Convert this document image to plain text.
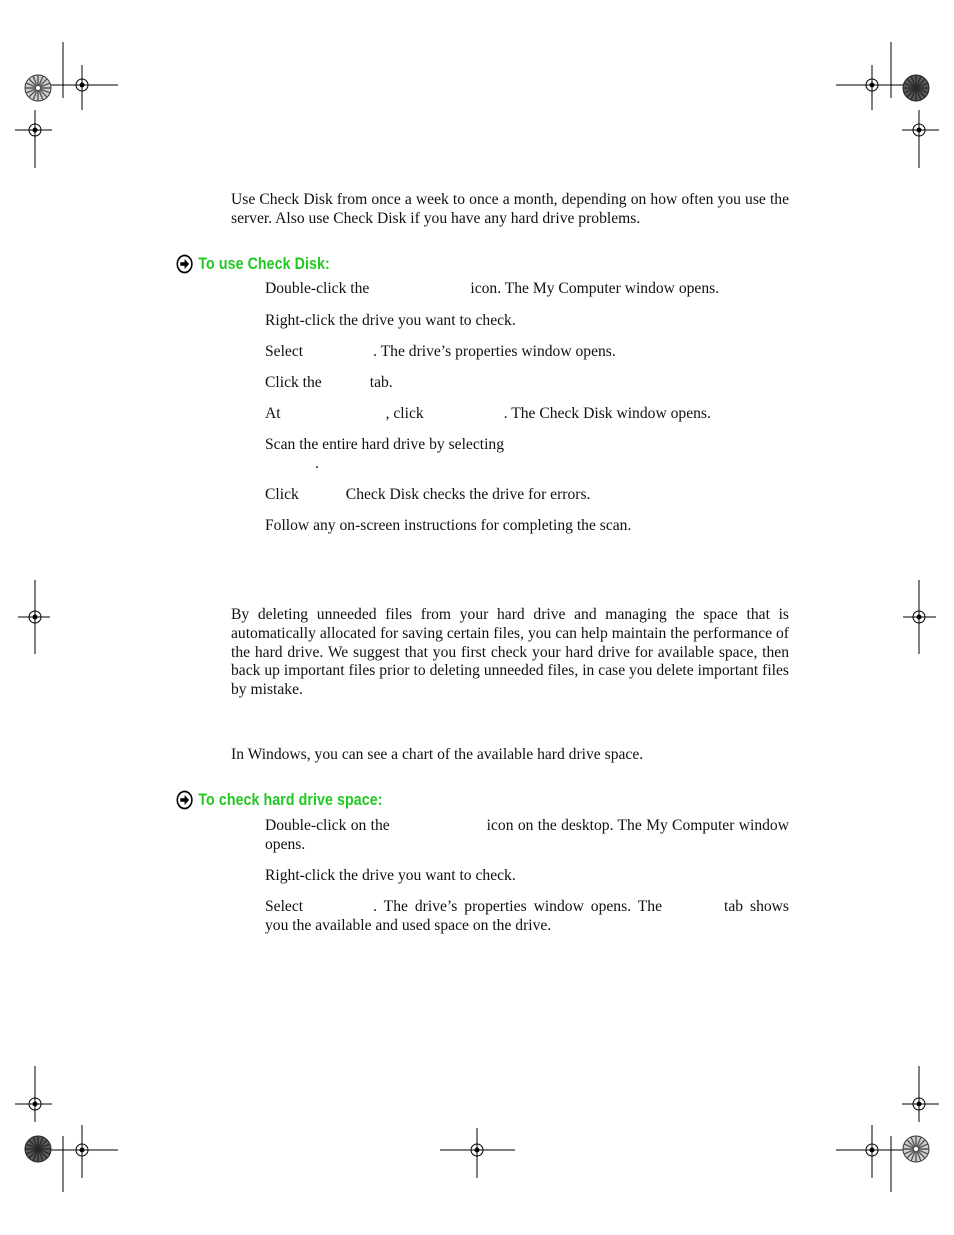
Use Check Disk from once a week to once a month, depending on how often you use the server. Also use Check Disk if you have any hard drive problems.
To use Check Disk:
Double-click the	icon. The My Computer window opens.
Right-click the drive you want to check.
Select	. The drive’s properties window opens.
Click the	tab.
At	, click	. The Check Disk window opens.
Scan the entire hard drive by selecting
.
Click	Check Disk checks the drive for errors.
Follow any on-screen instructions for completing the scan.
By deleting unneeded files from your hard drive and managing the space that is automatically allocated for saving certain files, you can help maintain the performance of the hard drive. We suggest that you first check your hard drive for available space, then back up important files prior to deleting unneeded files, in case you delete important files by mistake.
In Windows, you can see a chart of the available hard drive space.
To check hard drive space:
Double-click on the	icon on the desktop. The My Computer window opens.
Right-click the drive you want to check.
Select	. The drive’s properties window opens. The	tab shows you the available and used space on the drive.
